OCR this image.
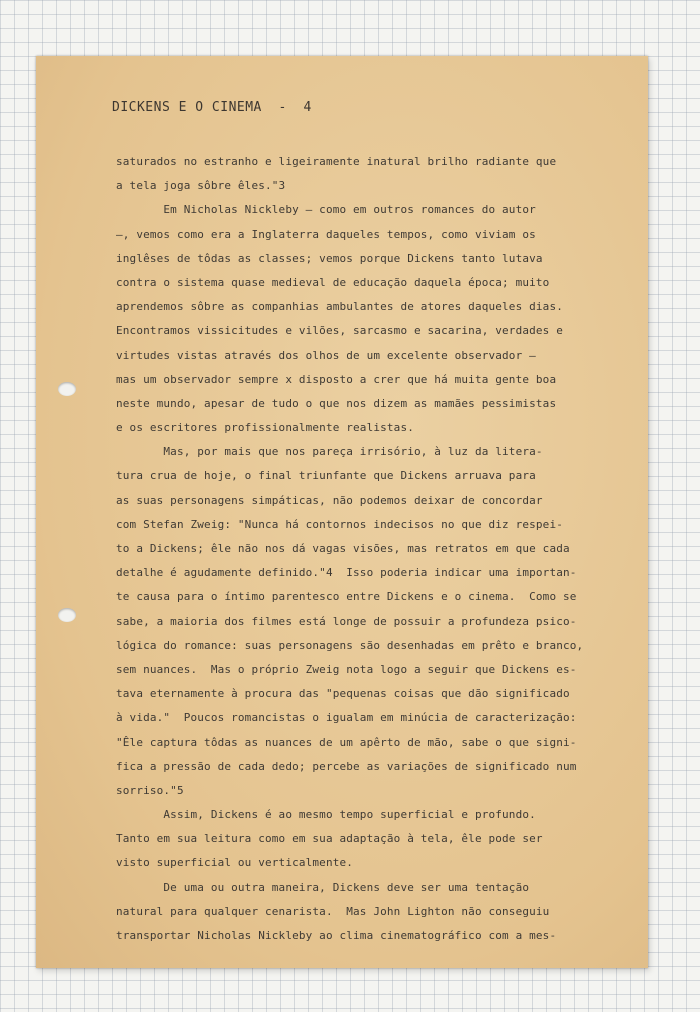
DICKENS E O CINEMA  -  4
saturados no estranho e ligeiramente inatural brilho radiante que
a tela joga sôbre êles."3
Em Nicholas Nickleby — como em outros romances do autor
—, vemos como era a Inglaterra daqueles tempos, como viviam os
inglêses de tôdas as classes; vemos porque Dickens tanto lutava
contra o sistema quase medieval de educação daquela época; muito
aprendemos sôbre as companhias ambulantes de atores daqueles dias.
Encontramos vissicitudes e vilões, sarcasmo e sacarina, verdades e
virtudes vistas através dos olhos de um excelente observador —
mas um observador sempre x disposto a crer que há muita gente boa
neste mundo, apesar de tudo o que nos dizem as mamães pessimistas
e os escritores profissionalmente realistas.
Mas, por mais que nos pareça irrisório, à luz da litera-
tura crua de hoje, o final triunfante que Dickens arruava para
as suas personagens simpáticas, não podemos deixar de concordar
com Stefan Zweig: "Nunca há contornos indecisos no que diz respei-
to a Dickens; êle não nos dá vagas visões, mas retratos em que cada
detalhe é agudamente definido."4  Isso poderia indicar uma importan-
te causa para o íntimo parentesco entre Dickens e o cinema.  Como se
sabe, a maioria dos filmes está longe de possuir a profundeza psico-
lógica do romance: suas personagens são desenhadas em prêto e branco,
sem nuances.  Mas o próprio Zweig nota logo a seguir que Dickens es-
tava eternamente à procura das "pequenas coisas que dão significado
à vida."  Poucos romancistas o igualam em minúcia de caracterização:
"Êle captura tôdas as nuances de um apêrto de mão, sabe o que signi-
fica a pressão de cada dedo; percebe as variações de significado num
sorriso."5
Assim, Dickens é ao mesmo tempo superficial e profundo.
Tanto em sua leitura como em sua adaptação à tela, êle pode ser
visto superficial ou verticalmente.
De uma ou outra maneira, Dickens deve ser uma tentação
natural para qualquer cenarista.  Mas John Lighton não conseguiu
transportar Nicholas Nickleby ao clima cinematográfico com a mes-
